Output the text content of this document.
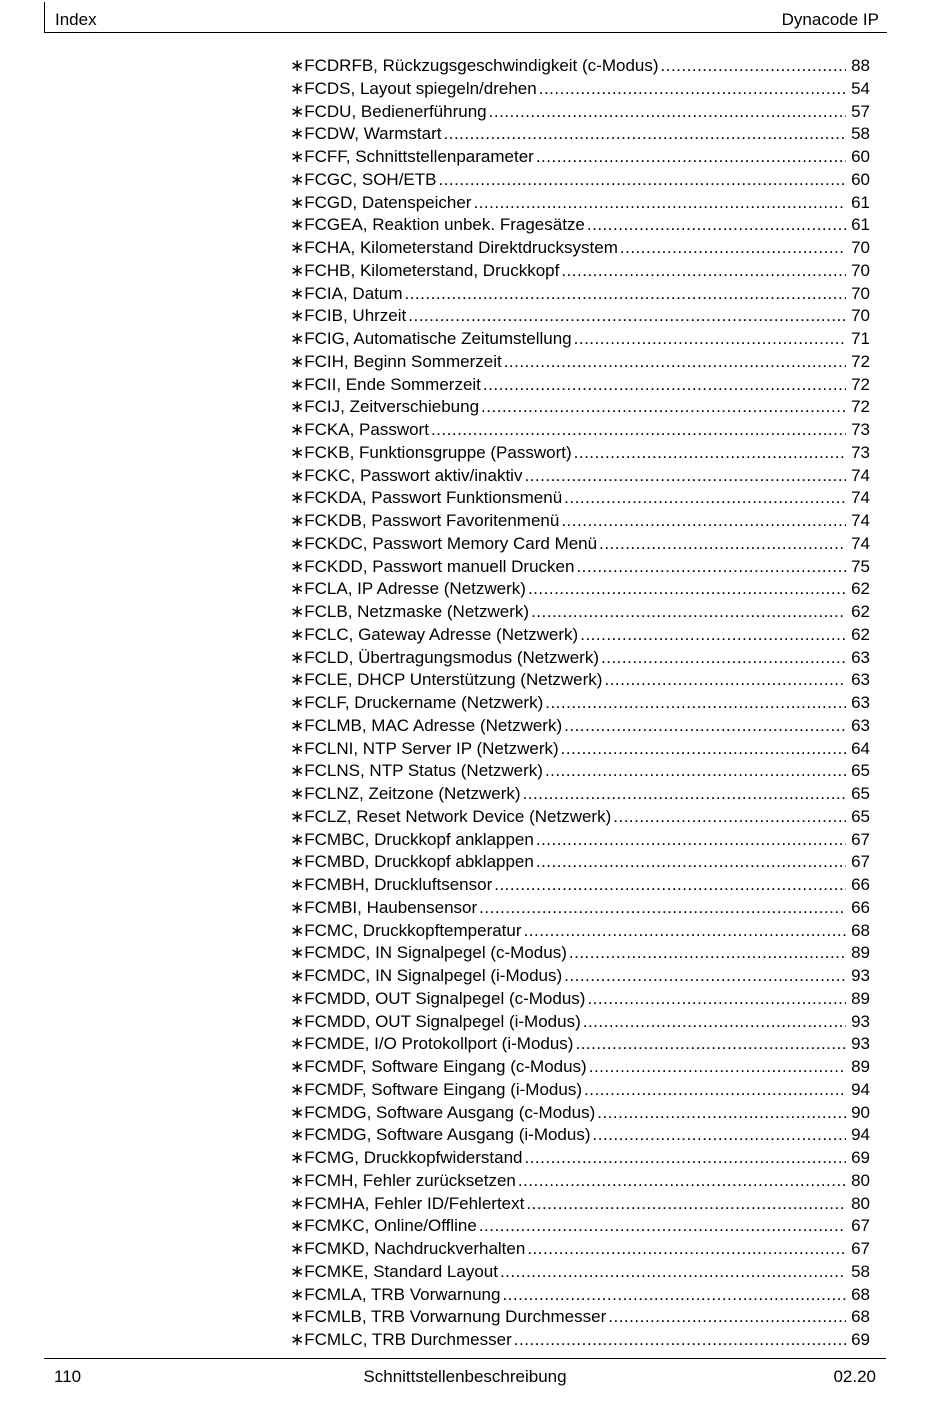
Index	Dynacode IP
∗FCDRFB, Rückzugsgeschwindigkeit (c-Modus) .....	88
∗FCDS, Layout spiegeln/drehen .....	54
∗FCDU, Bedienerführung .....	57
∗FCDW, Warmstart .....	58
∗FCFF, Schnittstellenparameter .....	60
∗FCGC, SOH/ETB .....	60
∗FCGD, Datenspeicher .....	61
∗FCGEA, Reaktion unbek. Fragesätze .....	61
∗FCHA, Kilometerstand Direktdrucksystem .....	70
∗FCHB, Kilometerstand, Druckkopf .....	70
∗FCIA, Datum .....	70
∗FCIB, Uhrzeit .....	70
∗FCIG, Automatische Zeitumstellung .....	71
∗FCIH, Beginn Sommerzeit .....	72
∗FCII, Ende Sommerzeit .....	72
∗FCIJ, Zeitverschiebung .....	72
∗FCKA, Passwort .....	73
∗FCKB, Funktionsgruppe (Passwort) .....	73
∗FCKC, Passwort aktiv/inaktiv .....	74
∗FCKDA, Passwort Funktionsmenü .....	74
∗FCKDB, Passwort Favoritenmenü .....	74
∗FCKDC, Passwort Memory Card Menü .....	74
∗FCKDD, Passwort manuell Drucken .....	75
∗FCLA, IP Adresse (Netzwerk) .....	62
∗FCLB, Netzmaske (Netzwerk) .....	62
∗FCLC, Gateway Adresse (Netzwerk) .....	62
∗FCLD, Übertragungsmodus (Netzwerk) .....	63
∗FCLE, DHCP Unterstützung (Netzwerk) .....	63
∗FCLF, Druckername (Netzwerk) .....	63
∗FCLMB, MAC Adresse (Netzwerk) .....	63
∗FCLNI, NTP Server IP (Netzwerk) .....	64
∗FCLNS, NTP Status (Netzwerk) .....	65
∗FCLNZ, Zeitzone (Netzwerk) .....	65
∗FCLZ, Reset Network Device (Netzwerk) .....	65
∗FCMBC, Druckkopf anklappen .....	67
∗FCMBD, Druckkopf abklappen .....	67
∗FCMBH, Druckluftsensor .....	66
∗FCMBI, Haubensensor .....	66
∗FCMC, Druckkopftemperatur .....	68
∗FCMDC, IN Signalpegel (c-Modus) .....	89
∗FCMDC, IN Signalpegel (i-Modus) .....	93
∗FCMDD, OUT Signalpegel (c-Modus) .....	89
∗FCMDD, OUT Signalpegel (i-Modus) .....	93
∗FCMDE, I/O Protokollport (i-Modus) .....	93
∗FCMDF, Software Eingang (c-Modus) .....	89
∗FCMDF, Software Eingang (i-Modus) .....	94
∗FCMDG, Software Ausgang (c-Modus) .....	90
∗FCMDG, Software Ausgang (i-Modus) .....	94
∗FCMG, Druckkopfwiderstand .....	69
∗FCMH, Fehler zurücksetzen .....	80
∗FCMHA, Fehler ID/Fehlertext .....	80
∗FCMKC, Online/Offline .....	67
∗FCMKD, Nachdruckverhalten .....	67
∗FCMKE, Standard Layout .....	58
∗FCMLA, TRB Vorwarnung .....	68
∗FCMLB, TRB Vorwarnung Durchmesser .....	68
∗FCMLC, TRB Durchmesser .....	69
110	Schnittstellenbeschreibung	02.20
